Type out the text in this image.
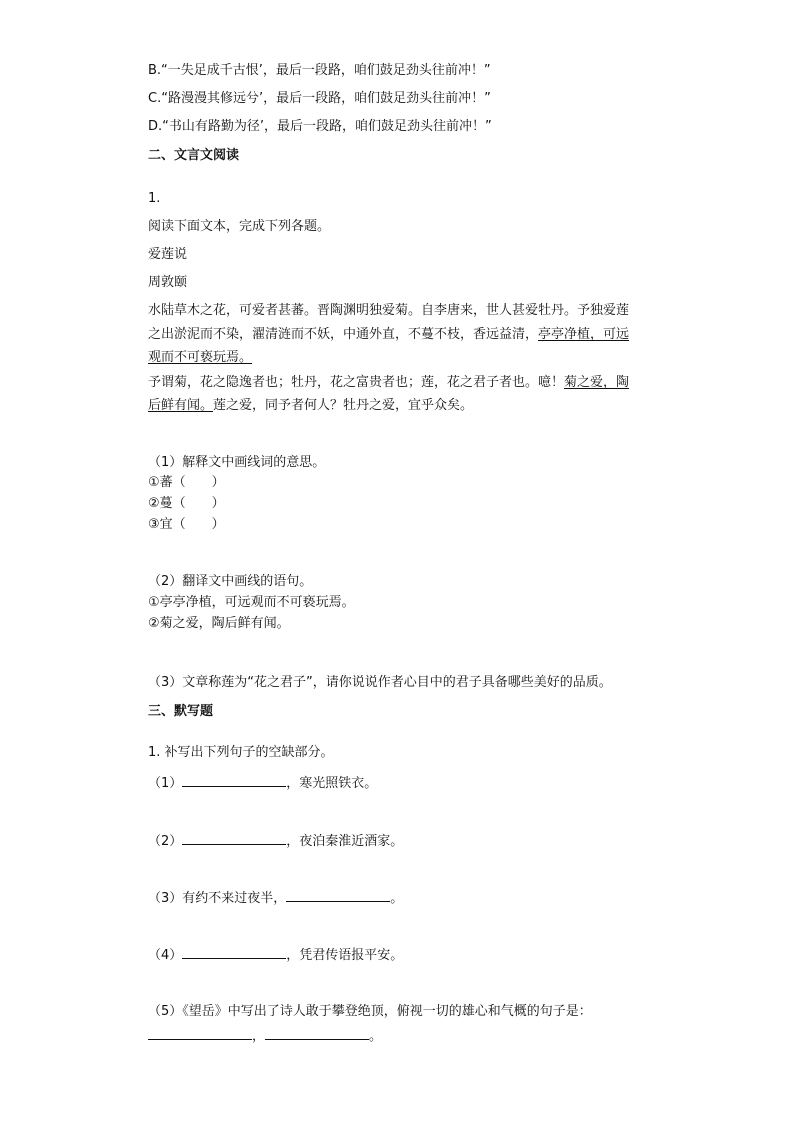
B.“一失足成千古恨’，最后一段路，咱们鼓足劲头往前冲！”
C.“路漫漫其修远兮’，最后一段路，咱们鼓足劲头往前冲！”
D.“书山有路勤为径’，最后一段路，咱们鼓足劲头往前冲！”
二、文言文阅读
1.
阅读下面文本，完成下列各题。
爱莲说
周敦颐
水陆草木之花，可爱者甚蕃。晋陶渊明独爱菊。自李唐来，世人甚爱牡丹。予独爱莲
之出淤泥而不染，濯清涟而不妖，中通外直，不蔓不枝，香远益清，亭亭净植，可远
观而不可亵玩焉。
予谓菊，花之隐逸者也；牡丹，花之富贵者也；莲，花之君子者也。噫！菊之爱，陶
后鲜有闻。莲之爱，同予者何人？牡丹之爱，宜乎众矣。
（1）解释文中画线词的意思。
①蕃（　　）
②蔓（　　）
③宜（　　）
（2）翻译文中画线的语句。
①亭亭净植，可远观而不可亵玩焉。
②菊之爱，陶后鲜有闻。
（3）文章称莲为“花之君子”，请你说说作者心目中的君子具备哪些美好的品质。
三、默写题
1. 补写出下列句子的空缺部分。
（1）	，寒光照铁衣。
（2）	，夜泊秦淮近酒家。
（3）有约不来过夜半，	。
（4）	，凭君传语报平安。
（5）《望岳》中写出了诗人敢于攀登绝顶，俯视一切的雄心和气概的句子是：
，	。
